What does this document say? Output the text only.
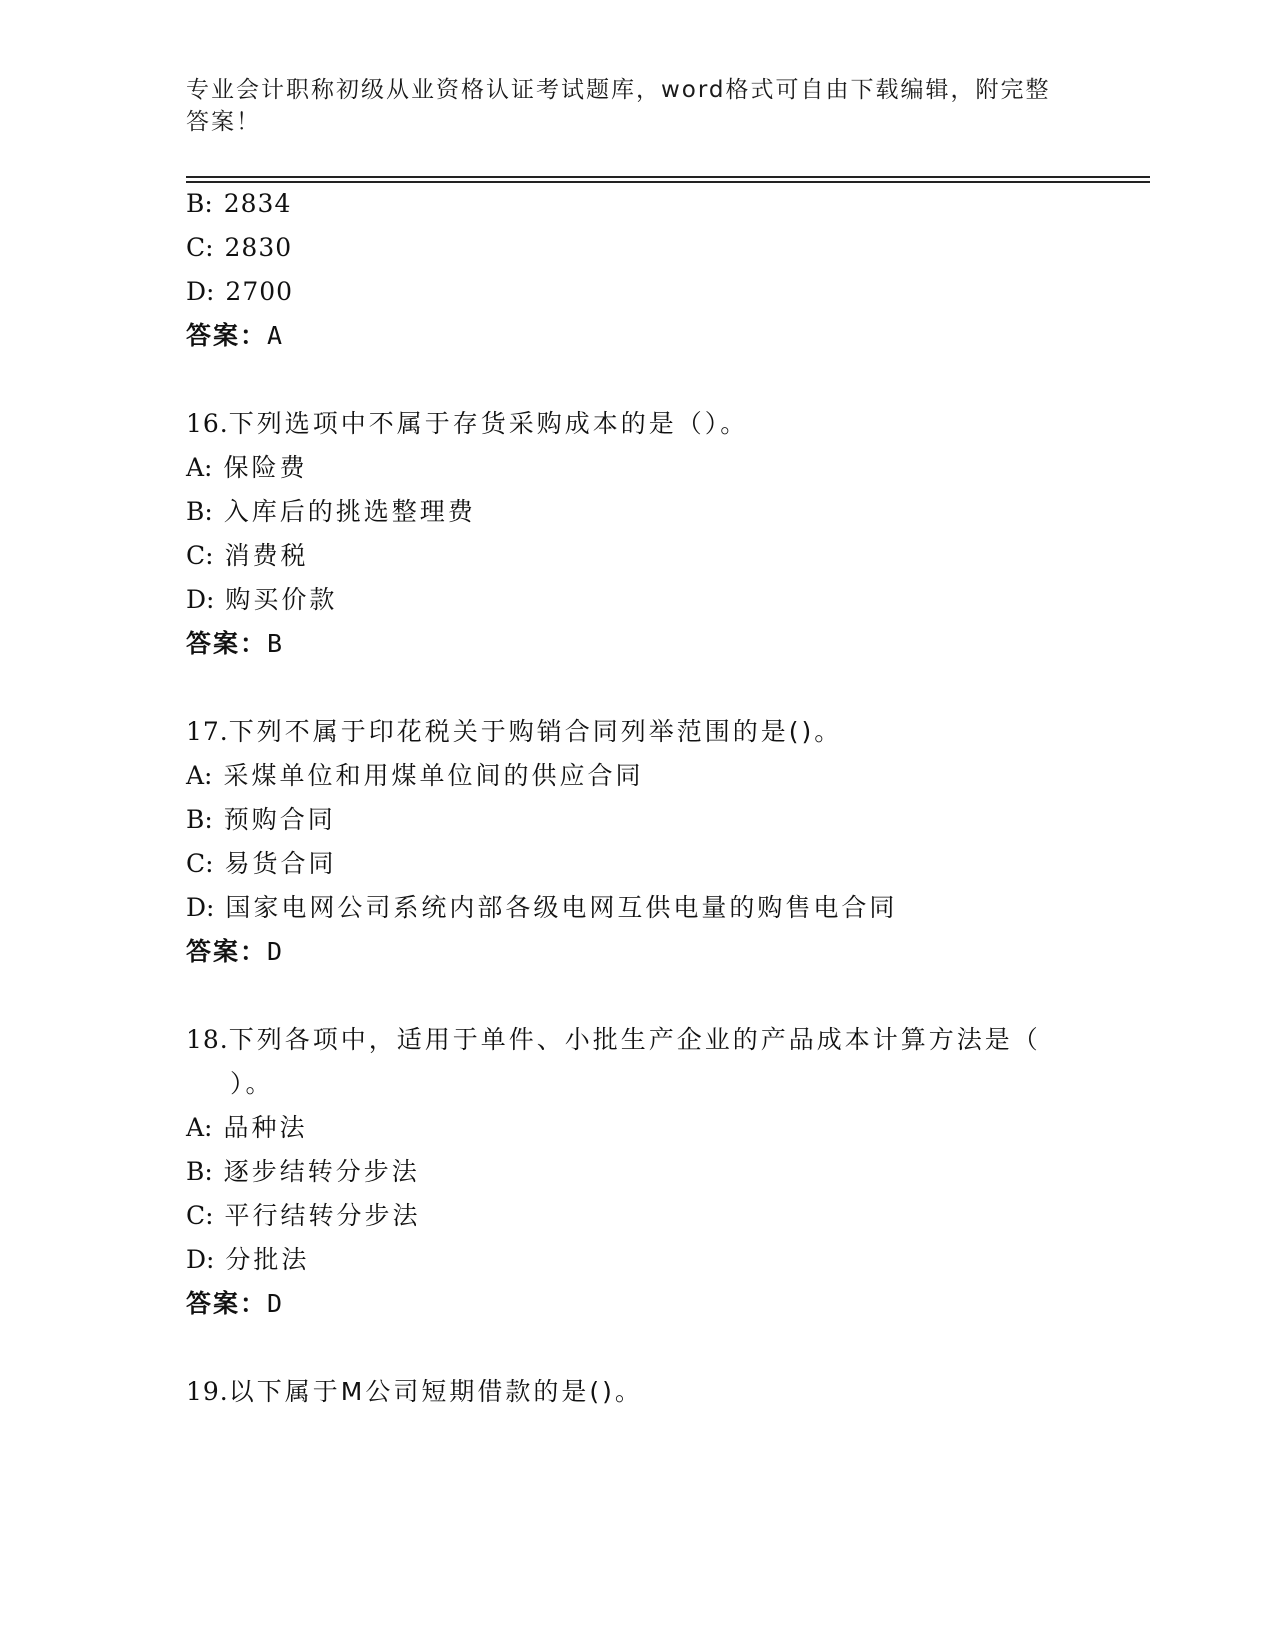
专业会计职称初级从业资格认证考试题库，word格式可自由下载编辑，附完整答案！
B: 2834
C: 2830
D: 2700
答案：A
16.下列选项中不属于存货采购成本的是（）。
A: 保险费
B: 入库后的挑选整理费
C: 消费税
D: 购买价款
答案：B
17.下列不属于印花税关于购销合同列举范围的是()。
A: 采煤单位和用煤单位间的供应合同
B: 预购合同
C: 易货合同
D: 国家电网公司系统内部各级电网互供电量的购售电合同
答案：D
18.下列各项中，适用于单件、小批生产企业的产品成本计算方法是（
）。
A: 品种法
B: 逐步结转分步法
C: 平行结转分步法
D: 分批法
答案：D
19.以下属于M公司短期借款的是()。
